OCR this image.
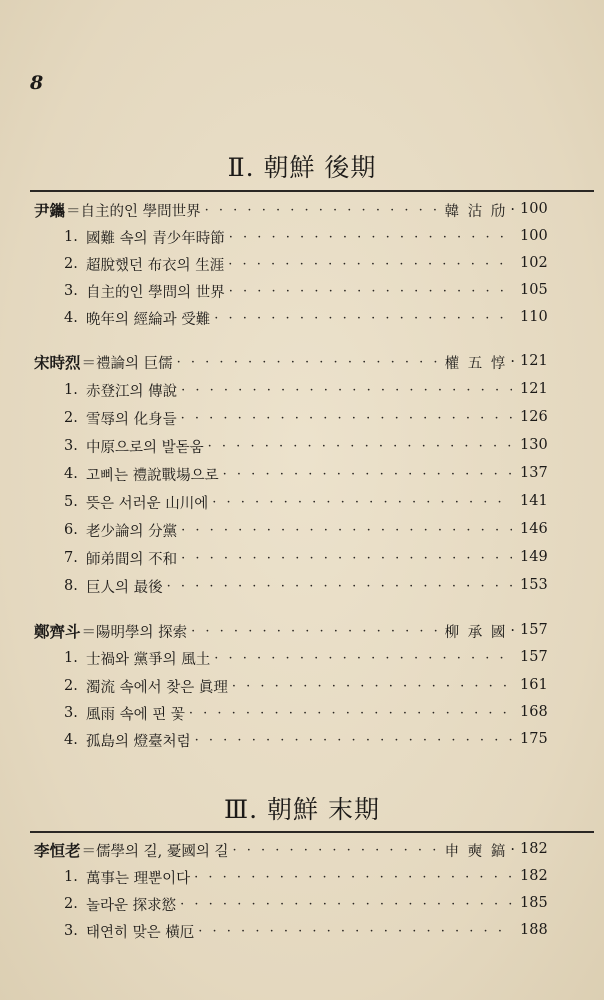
8
Ⅱ. 朝鮮 後期
尹鑴 ＝自主的인 學問世界 · · ·	韓 沽 劤 · 100
1. 國難 속의 青少年時節 · · ·	100
2. 超脫했던 布衣의 生涯 · · ·	102
3. 自主的인 學問의 世界 · · ·	105
4. 晩年의 經綸과 受難 · · ·	110
宋時烈 ＝禮論의 巨儒 · · ·	權 五 惇 · 121
1. 赤登江의 傳說 · · ·	121
2. 雪辱의 化身들 · · ·	126
3. 中原으로의 발돋움 · · ·	130
4. 고삐는 禮說戰場으로 · · ·	137
5. 뜻은 서러운 山川에 · · ·	141
6. 老少論의 分黨 · · ·	146
7. 師弟間의 不和 · · ·	149
8. 巨人의 最後 · · ·	153
鄭齊斗 ＝陽明學의 探索 · · ·	柳 承 國 · 157
1. 士禍와 黨爭의 風土 · · ·	157
2. 濁流 속에서 찾은 眞理 · · ·	161
3. 風雨 속에 핀 꽃 · · ·	168
4. 孤島의 燈臺처럼 · · ·	175
Ⅲ. 朝鮮 末期
李恒老 ＝儒學의 길, 憂國의 길 · · ·	申 奭 鎬 · 182
1. 萬事는 理뿐이다 · · ·	182
2. 놀라운 探求慾 · · ·	185
3. 태연히 맞은 橫厄 · · ·	188
